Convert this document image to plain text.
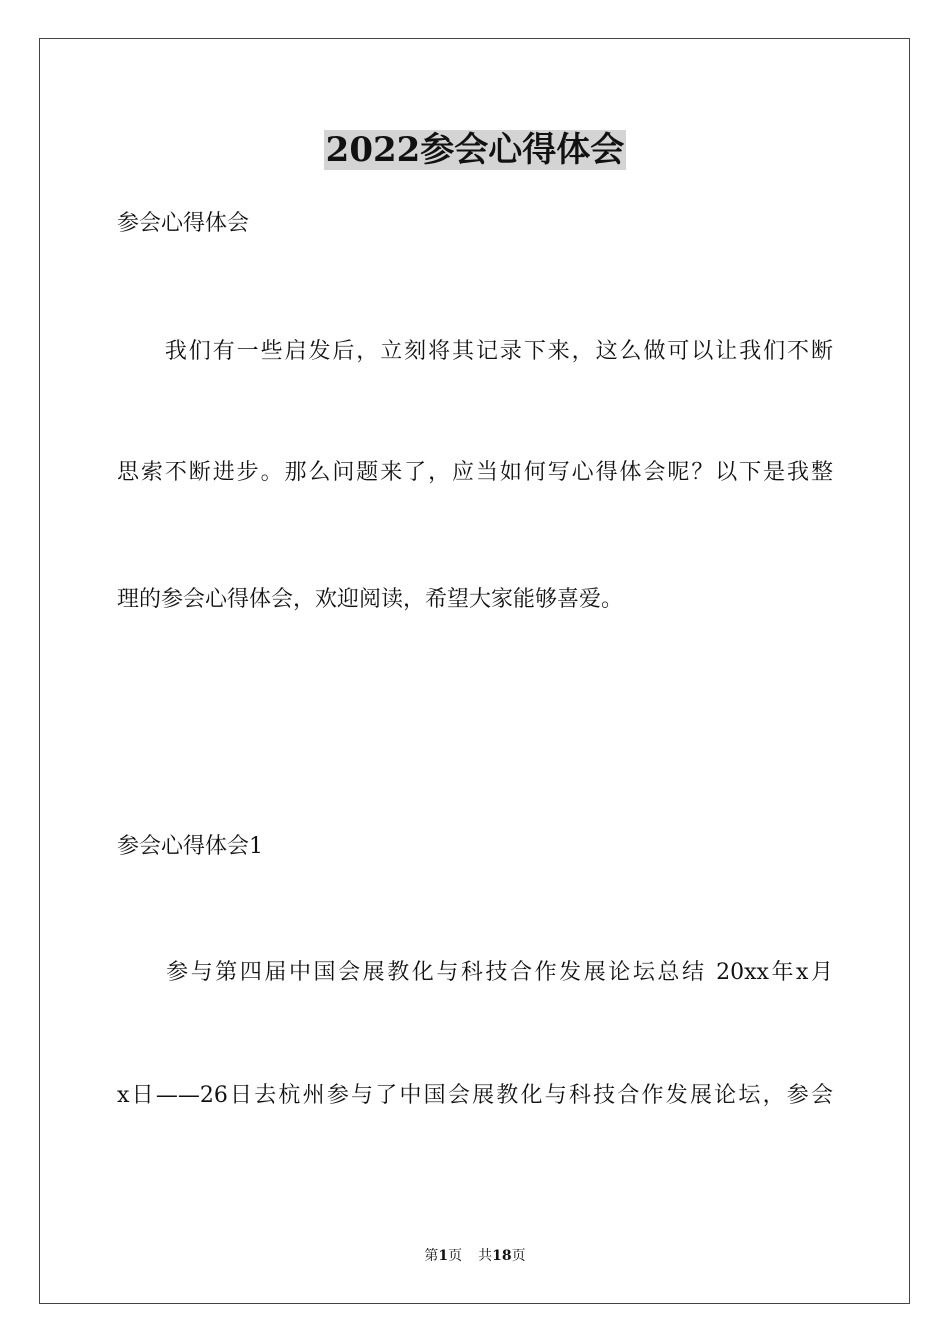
2022参会心得体会
参会心得体会
　　我们有一些启发后，立刻将其记录下来，这么做可以让我们不断
思索不断进步。那么问题来了，应当如何写心得体会呢？以下是我整
理的参会心得体会，欢迎阅读，希望大家能够喜爱。
参会心得体会1
　　参与第四届中国会展教化与科技合作发展论坛总结 20xx年x月
x日——26日去杭州参与了中国会展教化与科技合作发展论坛，参会
第1页 共18页
